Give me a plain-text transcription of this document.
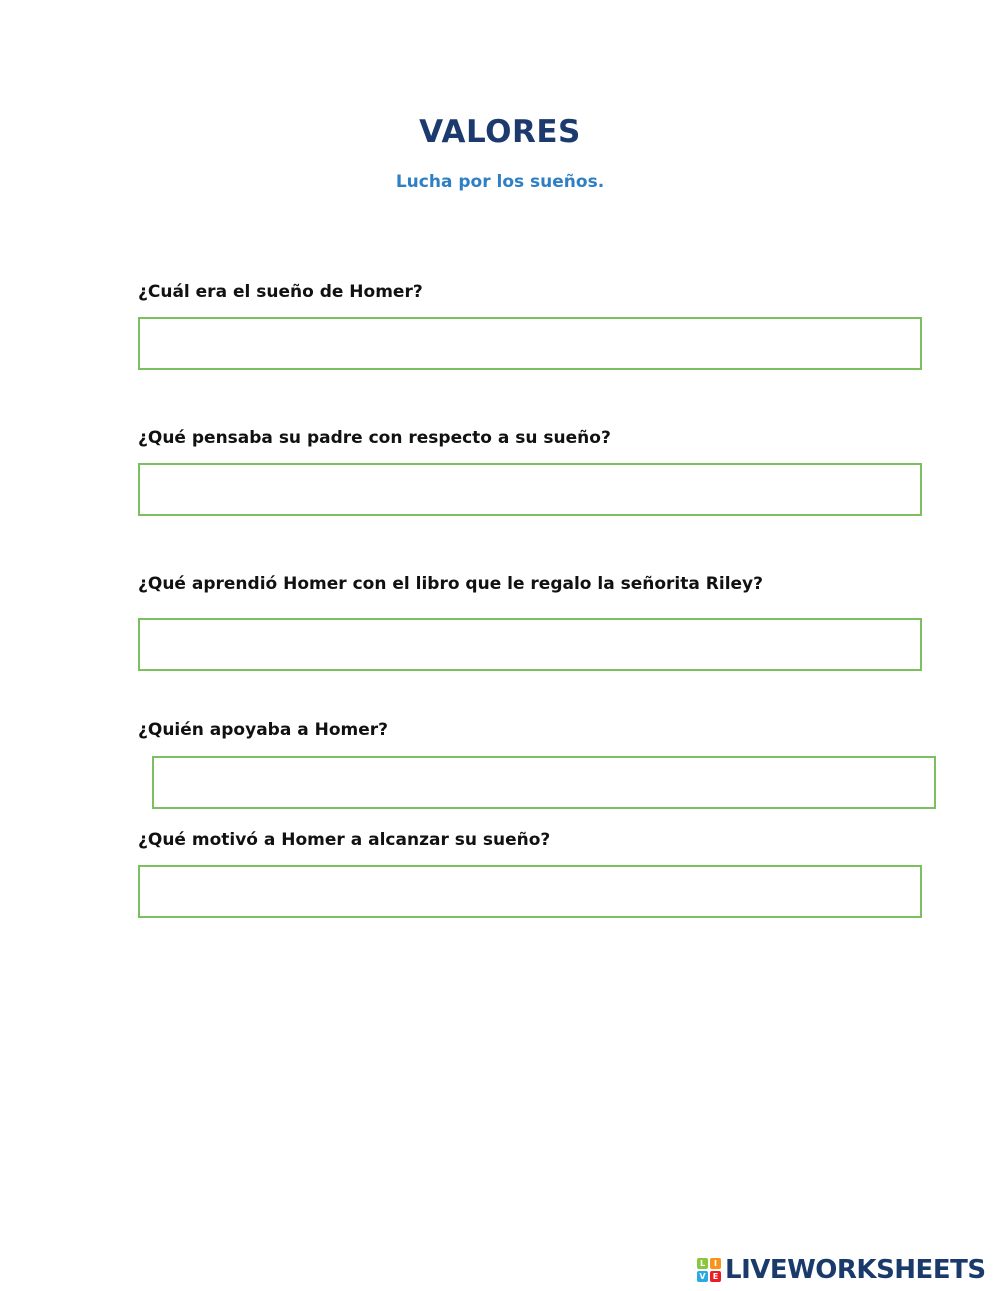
VALORES
Lucha por los sueños.
¿Cuál era el sueño de Homer?
¿Qué pensaba su padre con respecto a su sueño?
¿Qué aprendió Homer con el libro que le regalo la señorita Riley?
¿Quién apoyaba a Homer?
¿Qué motivó a Homer a alcanzar su sueño?
L	I
V E LIVEWORKSHEETS
